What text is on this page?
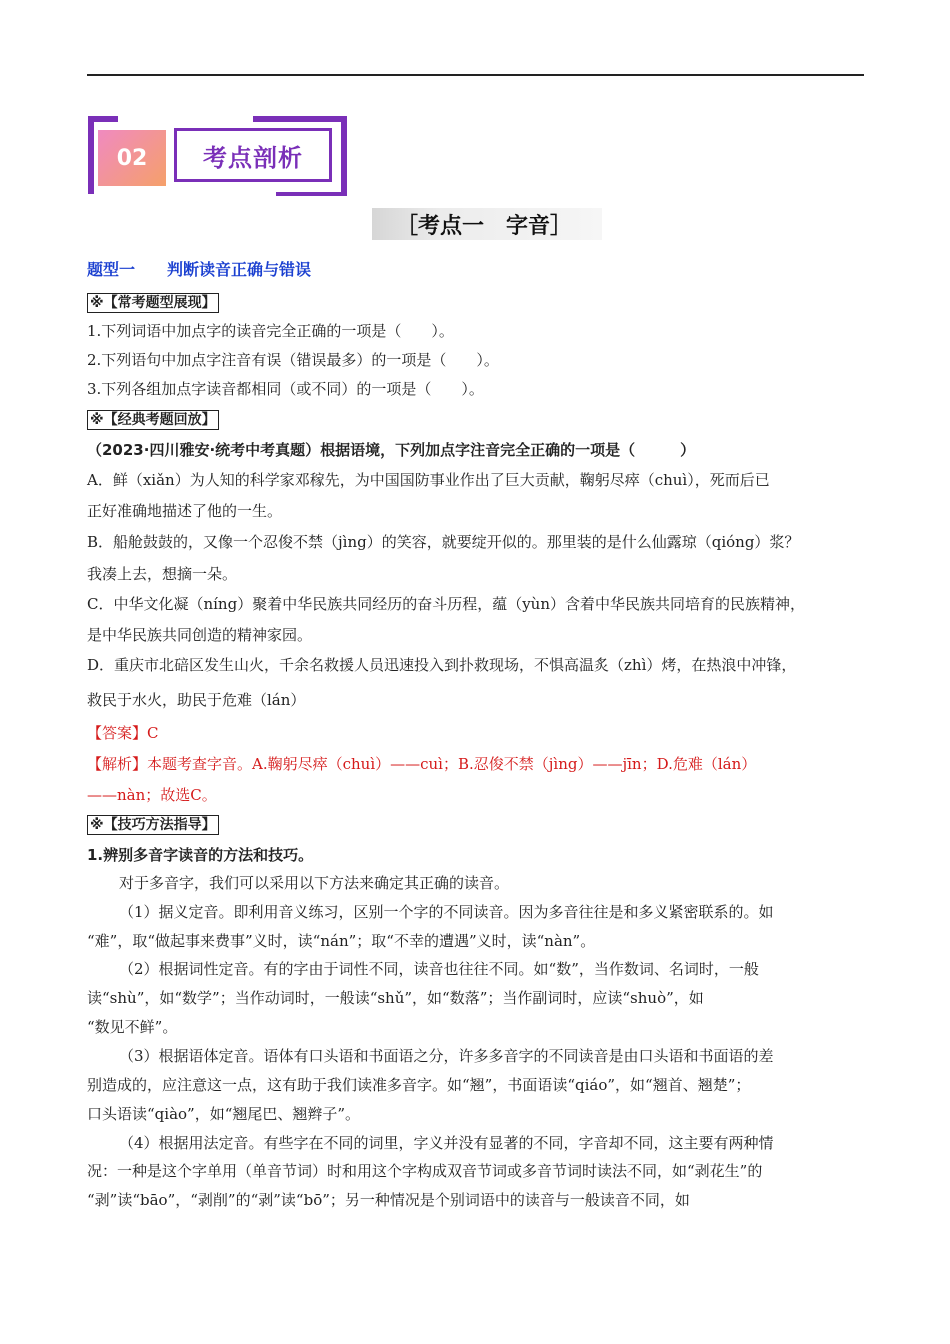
02	考点剖析
［考点一　字音］
题型一　　判断读音正确与错误
※【常考题型展现】
1.下列词语中加点字的读音完全正确的一项是（　　）。
2.下列语句中加点字注音有误（错误最多）的一项是（　　）。
3.下列各组加点字读音都相同（或不同）的一项是（　　）。
※【经典考题回放】
（2023·四川雅安·统考中考真题）根据语境，下列加点字注音完全正确的一项是（　　　）
A．鲜（xiǎn）为人知的科学家邓稼先，为中国国防事业作出了巨大贡献，鞠躬尽瘁（chuì），死而后已
正好准确地描述了他的一生。
B．船舱鼓鼓的，又像一个忍俊不禁（jìng）的笑容，就要绽开似的。那里装的是什么仙露琼（qióng）浆？
我凑上去，想摘一朵。
C．中华文化凝（níng）聚着中华民族共同经历的奋斗历程，蕴（yùn）含着中华民族共同培育的民族精神，
是中华民族共同创造的精神家园。
D．重庆市北碚区发生山火，千余名救援人员迅速投入到扑救现场，不惧高温炙（zhì）烤，在热浪中冲锋，
救民于水火，助民于危难（lán）
【答案】C
【解析】本题考查字音。A.鞠躬尽瘁（chuì）——cuì；B.忍俊不禁（jìng）——jīn；D.危难（lán）
——nàn；故选C。
※【技巧方法指导】
1.辨别多音字读音的方法和技巧。
对于多音字，我们可以采用以下方法来确定其正确的读音。
（1）据义定音。即利用音义练习，区别一个字的不同读音。因为多音往往是和多义紧密联系的。如
“难”，取“做起事来费事”义时，读“nán”；取“不幸的遭遇”义时，读“nàn”。
（2）根据词性定音。有的字由于词性不同，读音也往往不同。如“数”，当作数词、名词时，一般
读“shù”，如“数学”；当作动词时，一般读“shǔ”，如“数落”；当作副词时，应读“shuò”，如
“数见不鲜”。
（3）根据语体定音。语体有口头语和书面语之分，许多多音字的不同读音是由口头语和书面语的差
别造成的，应注意这一点，这有助于我们读准多音字。如“翘”，书面语读“qiáo”，如“翘首、翘楚”；
口头语读“qiào”，如“翘尾巴、翘辫子”。
（4）根据用法定音。有些字在不同的词里，字义并没有显著的不同，字音却不同，这主要有两种情
况：一种是这个字单用（单音节词）时和用这个字构成双音节词或多音节词时读法不同，如“剥花生”的
“剥”读“bāo”，“剥削”的“剥”读“bō”；另一种情况是个别词语中的读音与一般读音不同，如
